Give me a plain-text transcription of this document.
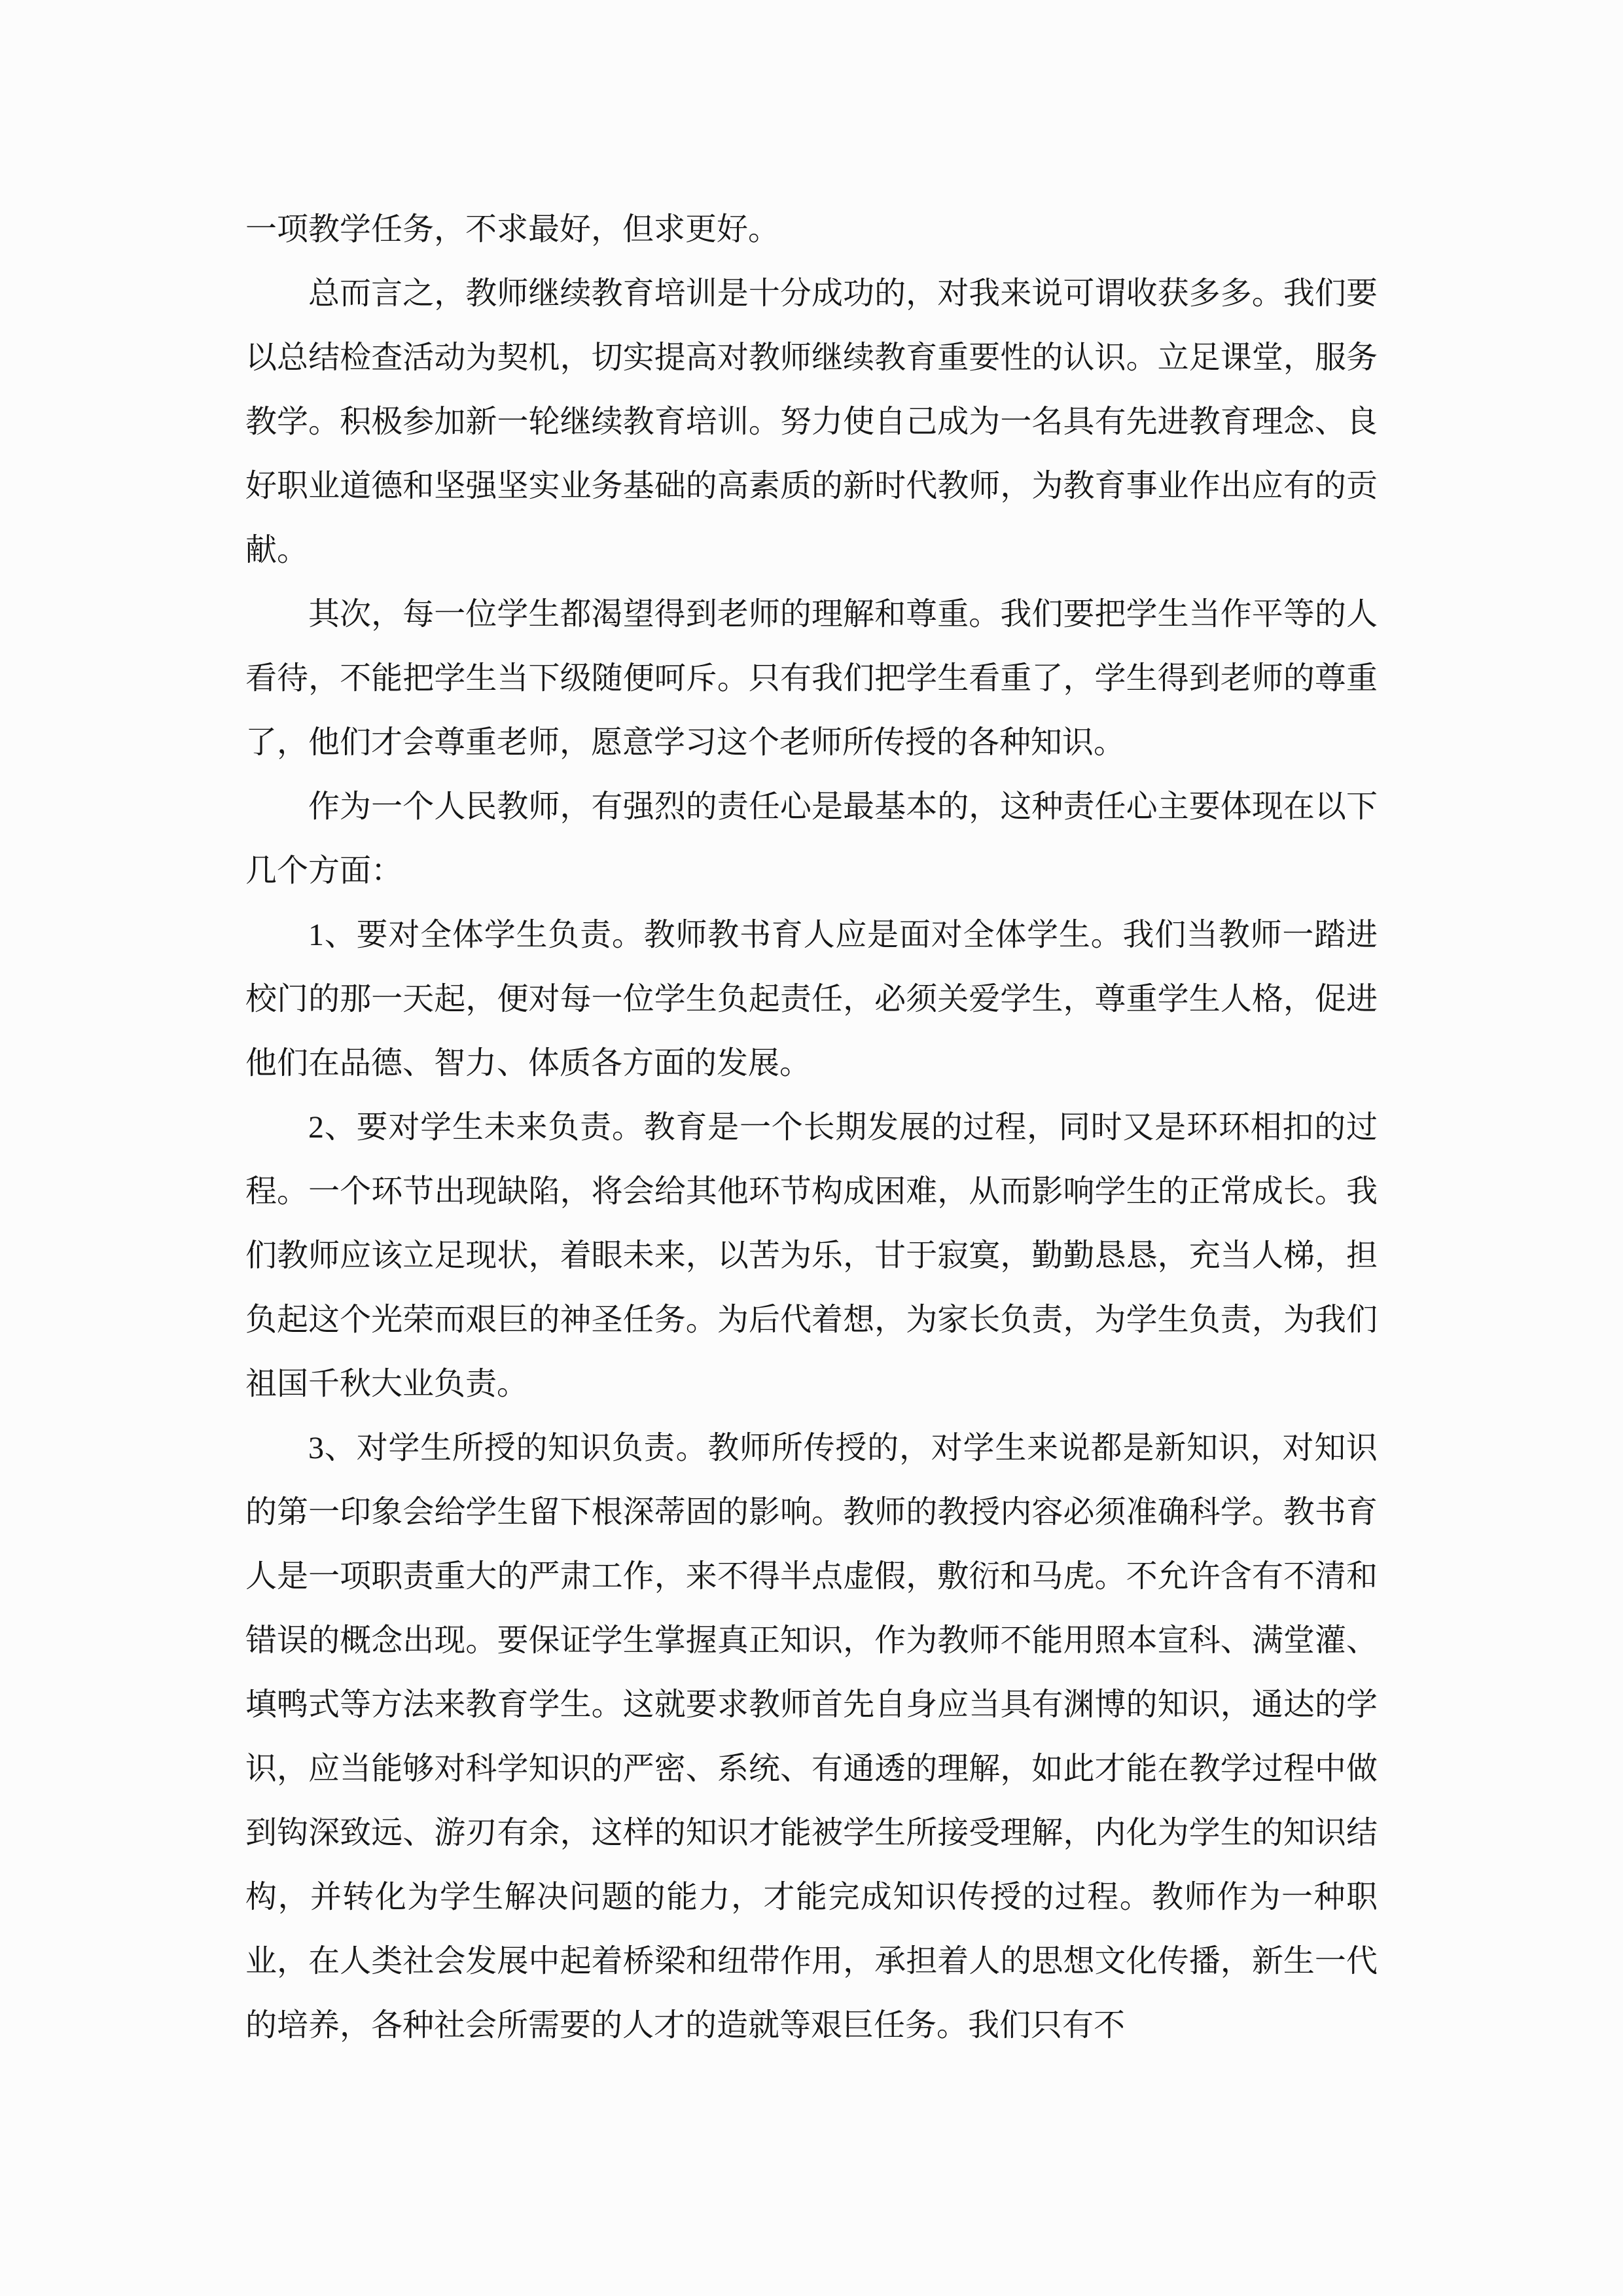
一项教学任务，不求最好，但求更好。

总而言之，教师继续教育培训是十分成功的，对我来说可谓收获多多。我们要以总结检查活动为契机，切实提高对教师继续教育重要性的认识。立足课堂，服务教学。积极参加新一轮继续教育培训。努力使自己成为一名具有先进教育理念、良好职业道德和坚强坚实业务基础的高素质的新时代教师，为教育事业作出应有的贡献。

其次，每一位学生都渴望得到老师的理解和尊重。我们要把学生当作平等的人看待，不能把学生当下级随便呵斥。只有我们把学生看重了，学生得到老师的尊重了，他们才会尊重老师，愿意学习这个老师所传授的各种知识。

作为一个人民教师，有强烈的责任心是最基本的，这种责任心主要体现在以下几个方面：

1、要对全体学生负责。教师教书育人应是面对全体学生。我们当教师一踏进校门的那一天起，便对每一位学生负起责任，必须关爱学生，尊重学生人格，促进他们在品德、智力、体质各方面的发展。

2、要对学生未来负责。教育是一个长期发展的过程，同时又是环环相扣的过程。一个环节出现缺陷，将会给其他环节构成困难，从而影响学生的正常成长。我们教师应该立足现状，着眼未来，以苦为乐，甘于寂寞，勤勤恳恳，充当人梯，担负起这个光荣而艰巨的神圣任务。为后代着想，为家长负责，为学生负责，为我们祖国千秋大业负责。

3、对学生所授的知识负责。教师所传授的，对学生来说都是新知识，对知识的第一印象会给学生留下根深蒂固的影响。教师的教授内容必须准确科学。教书育人是一项职责重大的严肃工作，来不得半点虚假，敷衍和马虎。不允许含有不清和错误的概念出现。要保证学生掌握真正知识，作为教师不能用照本宣科、满堂灌、填鸭式等方法来教育学生。这就要求教师首先自身应当具有渊博的知识，通达的学识，应当能够对科学知识的严密、系统、有通透的理解，如此才能在教学过程中做到钩深致远、游刃有余，这样的知识才能被学生所接受理解，内化为学生的知识结构，并转化为学生解决问题的能力，才能完成知识传授的过程。教师作为一种职业，在人类社会发展中起着桥梁和纽带作用，承担着人的思想文化传播，新生一代的培养，各种社会所需要的人才的造就等艰巨任务。我们只有不
